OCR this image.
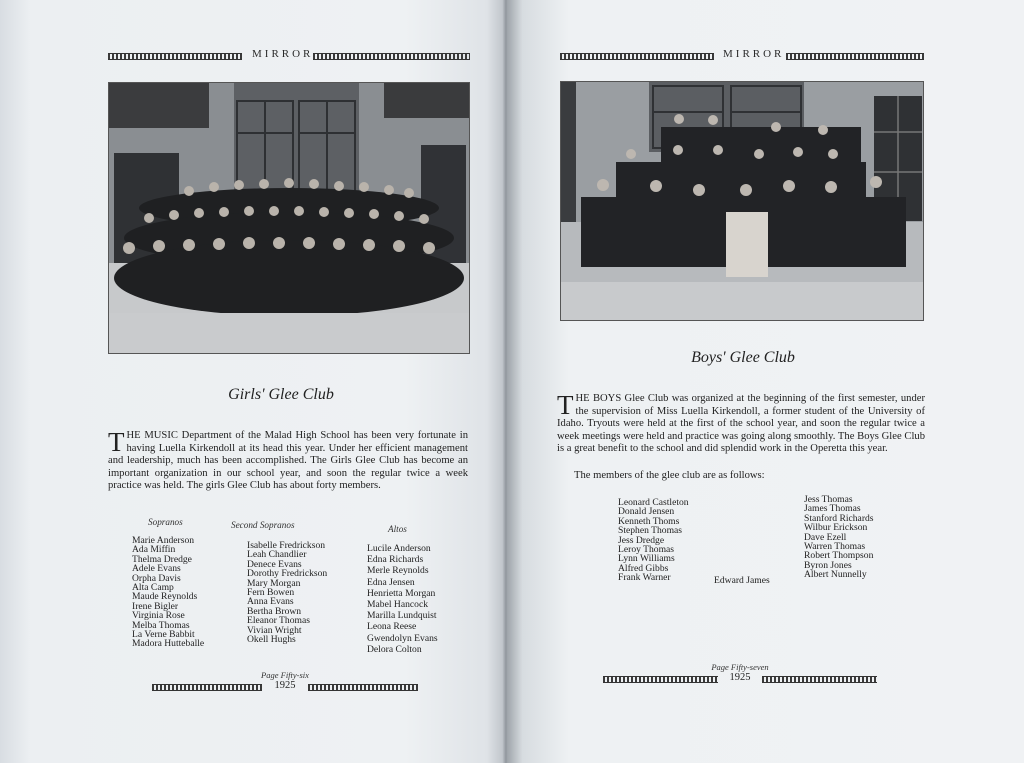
MIRROR
Girls' Glee Club

THE MUSIC Department of the Malad High School has been very fortunate in having Luella Kirkendoll at its head this year. Under her efficient management and leadership, much has been accomplished. The Girls Glee Club has become an important organization in our school year, and soon the regular twice a week practice was held. The girls Glee Club has about forty members.

Sopranos	Second Sopranos	Altos
Marie Anderson
Ada Miffin
Thelma Dredge
Adele Evans
Orpha Davis
Alta Camp
Maude Reynolds
Irene Bigler
Virginia Rose
Melba Thomas
La Verne Babbit
Madora Hutteballe
Isabelle Fredrickson
Leah Chandlier
Denece Evans
Dorothy Fredrickson
Mary Morgan
Fern Bowen
Anna Evans
Bertha Brown
Eleanor Thomas
Vivian Wright
Okell Hughs
Lucile Anderson
Edna Richards
Merle Reynolds
Edna Jensen
Henrietta Morgan
Mabel Hancock
Marilla Lundquist
Leona Reese
Gwendolyn Evans
Delora Colton
Page Fifty-six
1925
MIRROR
Boys' Glee Club

THE BOYS Glee Club was organized at the beginning of the first semester, under the supervision of Miss Luella Kirkendoll, a former student of the University of Idaho. Tryouts were held at the first of the school year, and soon the regular twice a week meetings were held and practice was going along smoothly. The Boys Glee Club is a great benefit to the school and did splendid work in the Operetta this year.

The members of the glee club are as follows:
Leonard Castleton
Donald Jensen
Kenneth Thoms
Stephen Thomas
Jess Dredge
Leroy Thomas
Lynn Williams
Alfred Gibbs
Frank Warner
Jess Thomas
James Thomas
Stanford Richards
Wilbur Erickson
Dave Ezell
Warren Thomas
Robert Thompson
Byron Jones
Albert Nunnelly
Edward James
Page Fifty-seven
1925
